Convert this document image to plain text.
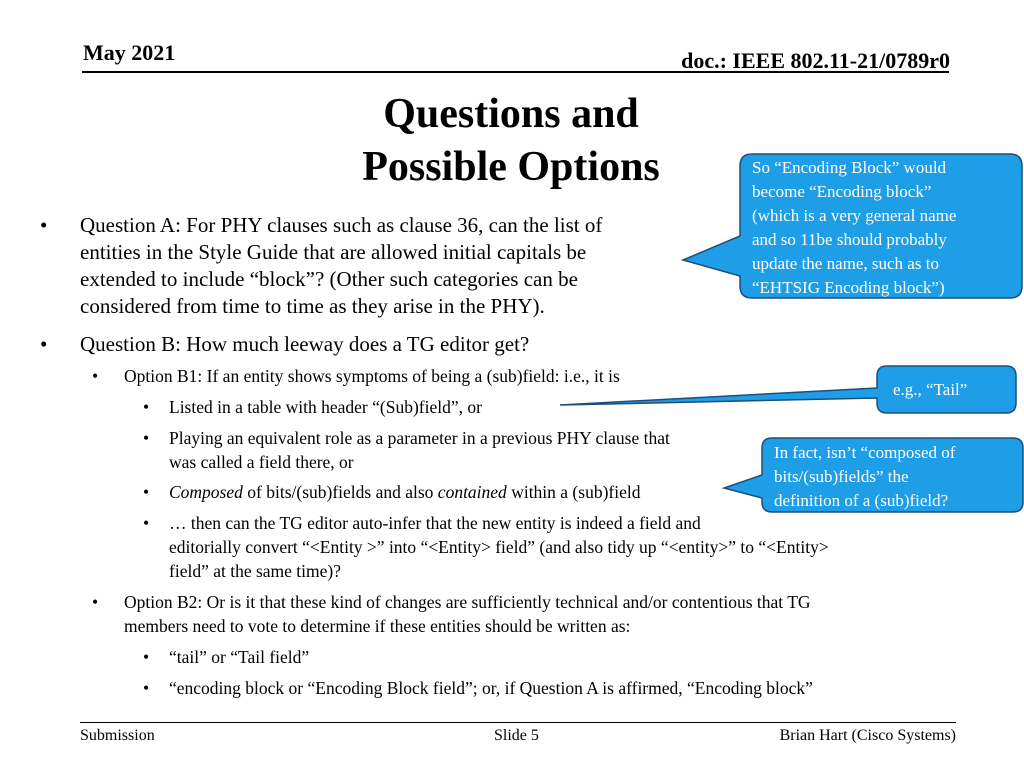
May 2021	doc.: IEEE 802.11-21/0789r0
Questions and
Possible Options	So “Encoding Block” would
become “Encoding block”
(which is a very general name
and so 11be should probably
update the name, such as to
“EHTSIG Encoding block”)
e.g., “Tail”
In fact, isn’t “composed of
bits/(sub)fields” the
definition of a (sub)field?
• Question A: For PHY clauses such as clause 36, can the list of
entities in the Style Guide that are allowed initial capitals be
extended to include “block”? (Other such categories can be
considered from time to time as they arise in the PHY).
• Question B: How much leeway does a TG editor get?
• Option B1: If an entity shows symptoms of being a (sub)field: i.e., it is
• Listed in a table with header “(Sub)field”, or
• Playing an equivalent role as a parameter in a previous PHY clause that
was called a field there, or
• Composed of bits/(sub)fields and also contained within a (sub)field
• … then can the TG editor auto-infer that the new entity is indeed a field and
editorially convert “<Entity >” into “<Entity> field” (and also tidy up “<entity>” to “<Entity>
field” at the same time)?
• Option B2: Or is it that these kind of changes are sufficiently technical and/or contentious that TG
members need to vote to determine if these entities should be written as:
• “tail” or “Tail field”
• “encoding block or “Encoding Block field”; or, if Question A is affirmed, “Encoding block”
Submission	Slide 5	Brian Hart (Cisco Systems)
